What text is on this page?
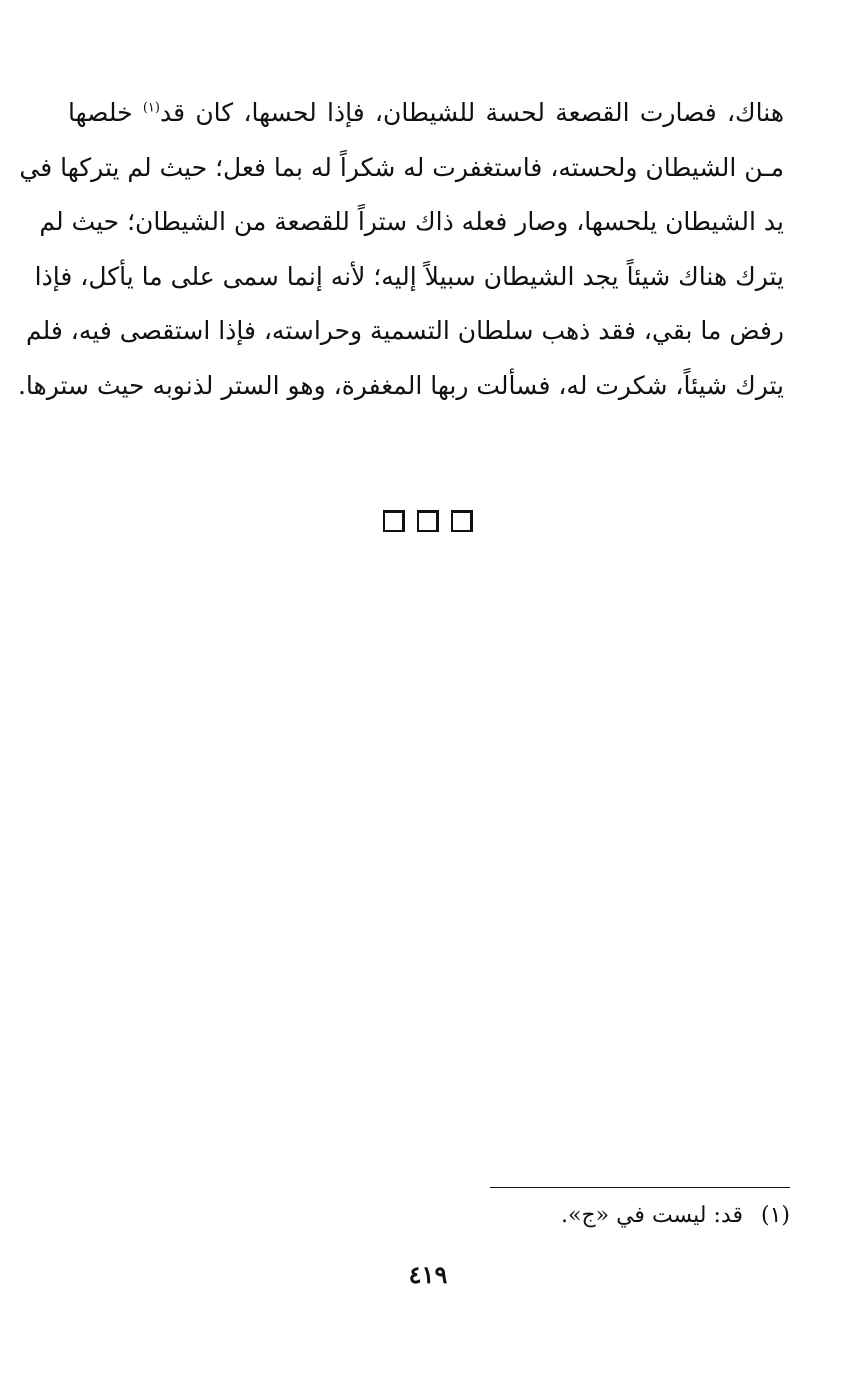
هناك، فصارت القصعة لحسة للشيطان، فإذا لحسها، كان قد$^{(١)}$ خلصها
مـن الشيطان ولحسته، فاستغفرت له شكراً له بما فعل؛ حيث لم يتركها في
يد الشيطان يلحسها، وصار فعله ذاك ستراً للقصعة من الشيطان؛ حيث لم
يترك هناك شيئاً يجد الشيطان سبيلاً إليه؛ لأنه إنما سمى على ما يأكل، فإذا
رفض ما بقي، فقد ذهب سلطان التسمية وحراسته، فإذا استقصى فيه، فلم
يترك شيئاً، شكرت له، فسألت ربها المغفرة، وهو الستر لذنوبه حيث سترها.
(١)قد: ليست في «ج».
٤١٩
